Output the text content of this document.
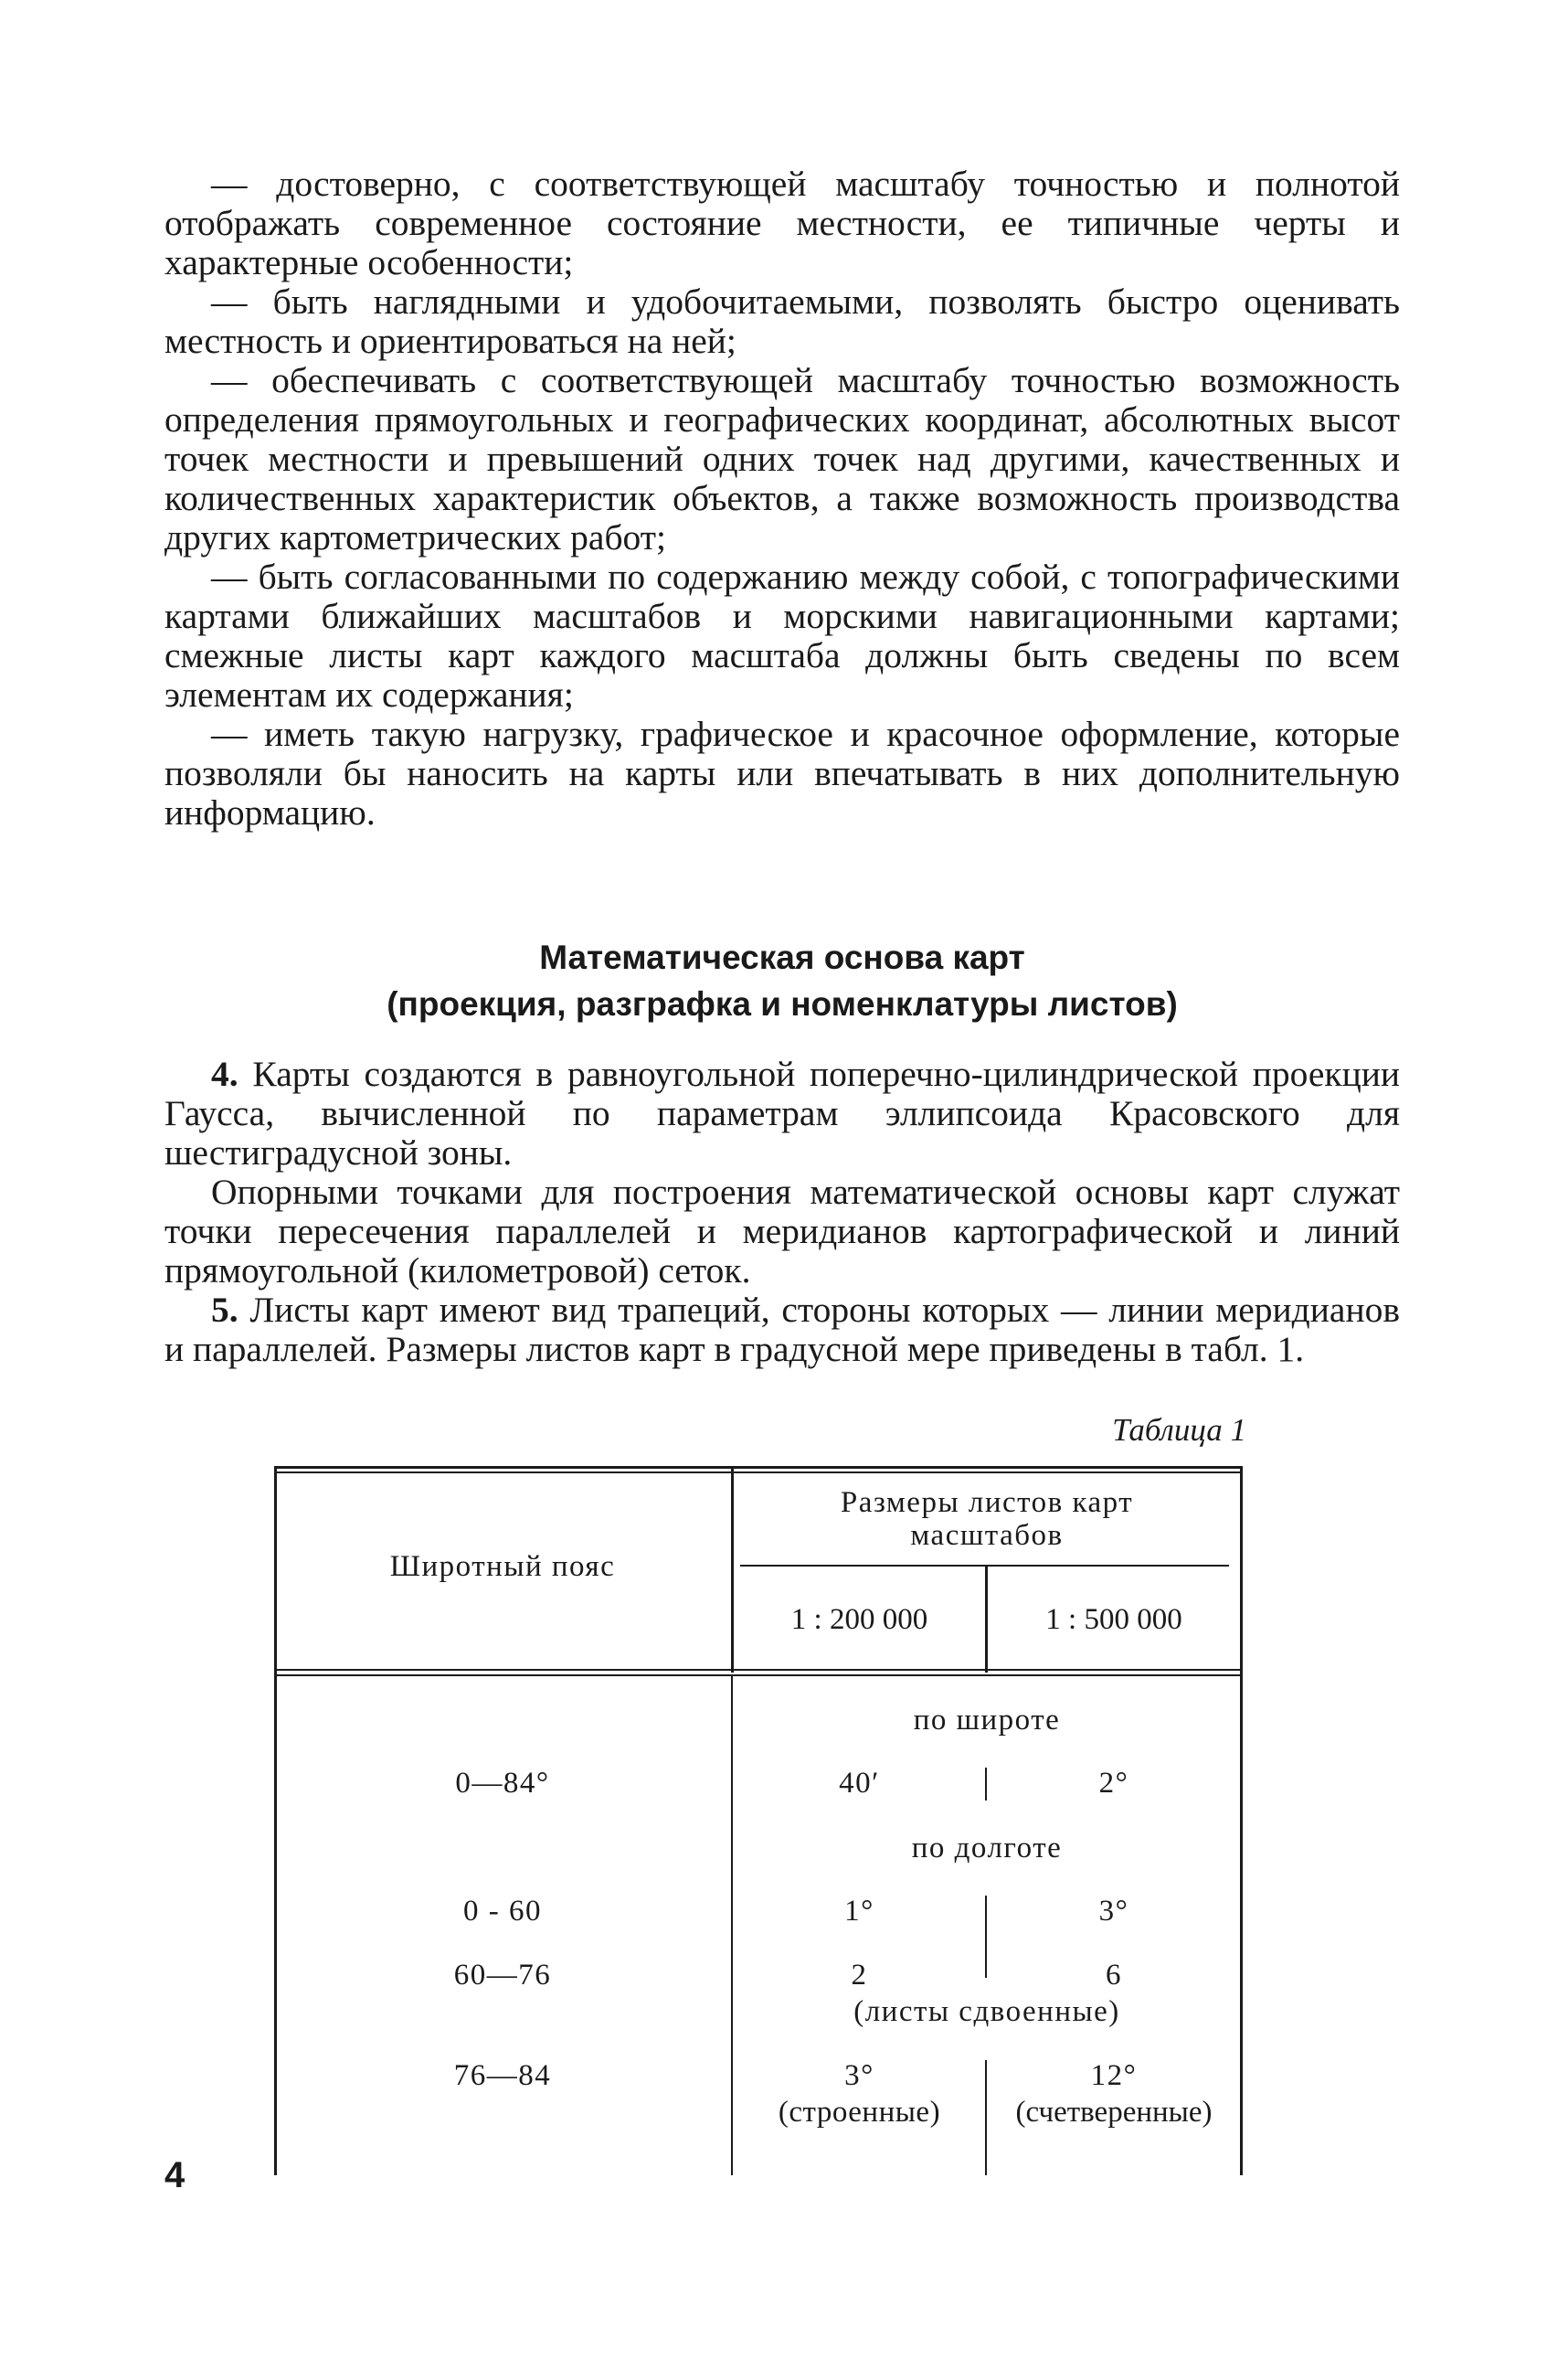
— достоверно, с соответствующей масштабу точностью и полнотой отображать современное состояние местности, ее типичные черты и характерные особенности;

— быть наглядными и удобочитаемыми, позволять быстро оценивать местность и ориентироваться на ней;

— обеспечивать с соответствующей масштабу точностью возможность определения прямоугольных и географических координат, абсолютных высот точек местности и превышений одних точек над другими, качественных и количественных характеристик объектов, а также возможность производства других картометрических работ;

— быть согласованными по содержанию между собой, с топографическими картами ближайших масштабов и морскими навигационными картами; смежные листы карт каждого масштаба должны быть сведены по всем элементам их содержания;

— иметь такую нагрузку, графическое и красочное оформление, которые позволяли бы наносить на карты или впечатывать в них дополнительную информацию.

Математическая основа карт
(проекция, разграфка и номенклатуры листов)

4. Карты создаются в равноугольной поперечно-цилиндрической проекции Гаусса, вычисленной по параметрам эллипсоида Красовского для шестиградусной зоны.

Опорными точками для построения математической основы карт служат точки пересечения параллелей и меридианов картографической и линий прямоугольной (километровой) сеток.

5. Листы карт имеют вид трапеций, стороны которых — линии меридианов и параллелей. Размеры листов карт в градусной мере приведены в табл. 1.

Таблица 1
Широтный пояс
Размеры листов карт
масштабов
1 : 200 000	1 : 500 000
по широте
0—84°	40′	2°
по долготе
0 - 60	1°	3°
60—76	2	6
(листы сдвоенные)
76—84	3°	12°
(строенные)	(счетверенные)
4
